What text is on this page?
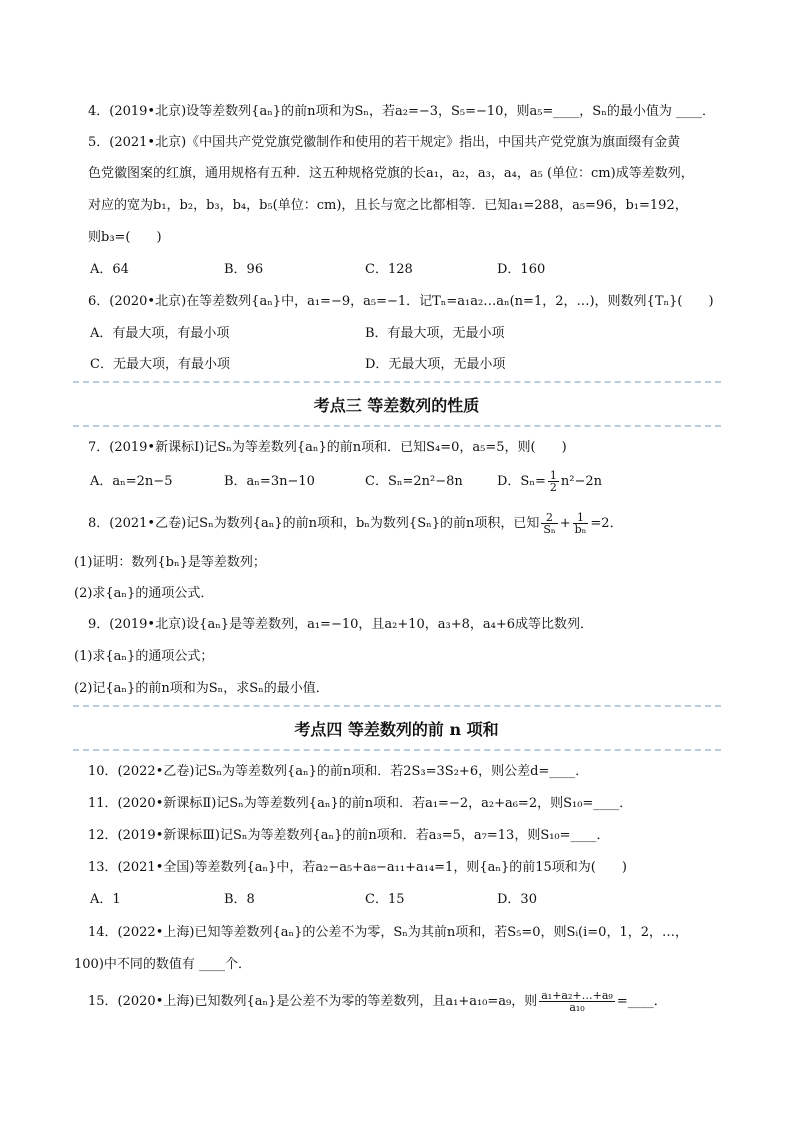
4．(2019•北京)设等差数列{aₙ}的前n项和为Sₙ，若a₂=−3，S₅=−10，则a₅=____，Sₙ的最小值为 ____．
5．(2021•北京)《中国共产党党旗党徽制作和使用的若干规定》指出，中国共产党党旗为旗面缀有金黄
色党徽图案的红旗，通用规格有五种．这五种规格党旗的长a₁，a₂，a₃，a₄，a₅ (单位：cm)成等差数列，
对应的宽为b₁，b₂，b₃，b₄，b₅(单位：cm)，且长与宽之比都相等．已知a₁=288，a₅=96，b₁=192，
则b₃=(　　)
A．64	B．96	C．128	D．160
6．(2020•北京)在等差数列{aₙ}中，a₁=−9，a₅=−1．记Tₙ=a₁a₂…aₙ(n=1，2，…)，则数列{Tₙ}(　　)
A．有最大项，有最小项	B．有最大项，无最小项
C．无最大项，有最小项	D．无最大项，无最小项
考点三 等差数列的性质
7．(2019•新课标Ⅰ)记Sₙ为等差数列{aₙ}的前n项和．已知S₄=0，a₅=5，则(　　)
A．aₙ=2n−5	B．aₙ=3n−10	C．Sₙ=2n²−8n	D．$S_n= \frac{1}{2} n^2-2n$
8．(2021•乙卷)记Sₙ为数列{aₙ}的前n项和，bₙ为数列{Sₙ}的前n项积，已知 $\frac{2}{\text{Sₙ}} + \frac{1}{\text{bₙ}} =2$．
(1)证明：数列{bₙ}是等差数列；
(2)求{aₙ}的通项公式．
9．(2019•北京)设{aₙ}是等差数列，a₁=−10，且a₂+10，a₃+8，a₄+6成等比数列．
(1)求{aₙ}的通项公式；
(2)记{aₙ}的前n项和为Sₙ，求Sₙ的最小值．
考点四 等差数列的前 n 项和
10．(2022•乙卷)记Sₙ为等差数列{aₙ}的前n项和．若2S₃=3S₂+6，则公差d=____．
11．(2020•新课标Ⅱ)记Sₙ为等差数列{aₙ}的前n项和．若a₁=−2，a₂+a₆=2，则S₁₀=____．
12．(2019•新课标Ⅲ)记Sₙ为等差数列{aₙ}的前n项和．若a₃=5，a₇=13，则S₁₀=____．
13．(2021•全国)等差数列{aₙ}中，若a₂−a₅+a₈−a₁₁+a₁₄=1，则{aₙ}的前15项和为(　　)
A．1	B．8	C．15	D．30
14．(2022•上海)已知等差数列{aₙ}的公差不为零，Sₙ为其前n项和，若S₅=0，则Sᵢ(i=0，1，2，…，
100)中不同的数值有 ____个．
15．(2020•上海)已知数列{aₙ}是公差不为零的等差数列，且a₁+a₁₀=a₉，则 $\frac{\text{a₁+a₂+…+a₉}}{\text{a₁₀}}$ =____．
